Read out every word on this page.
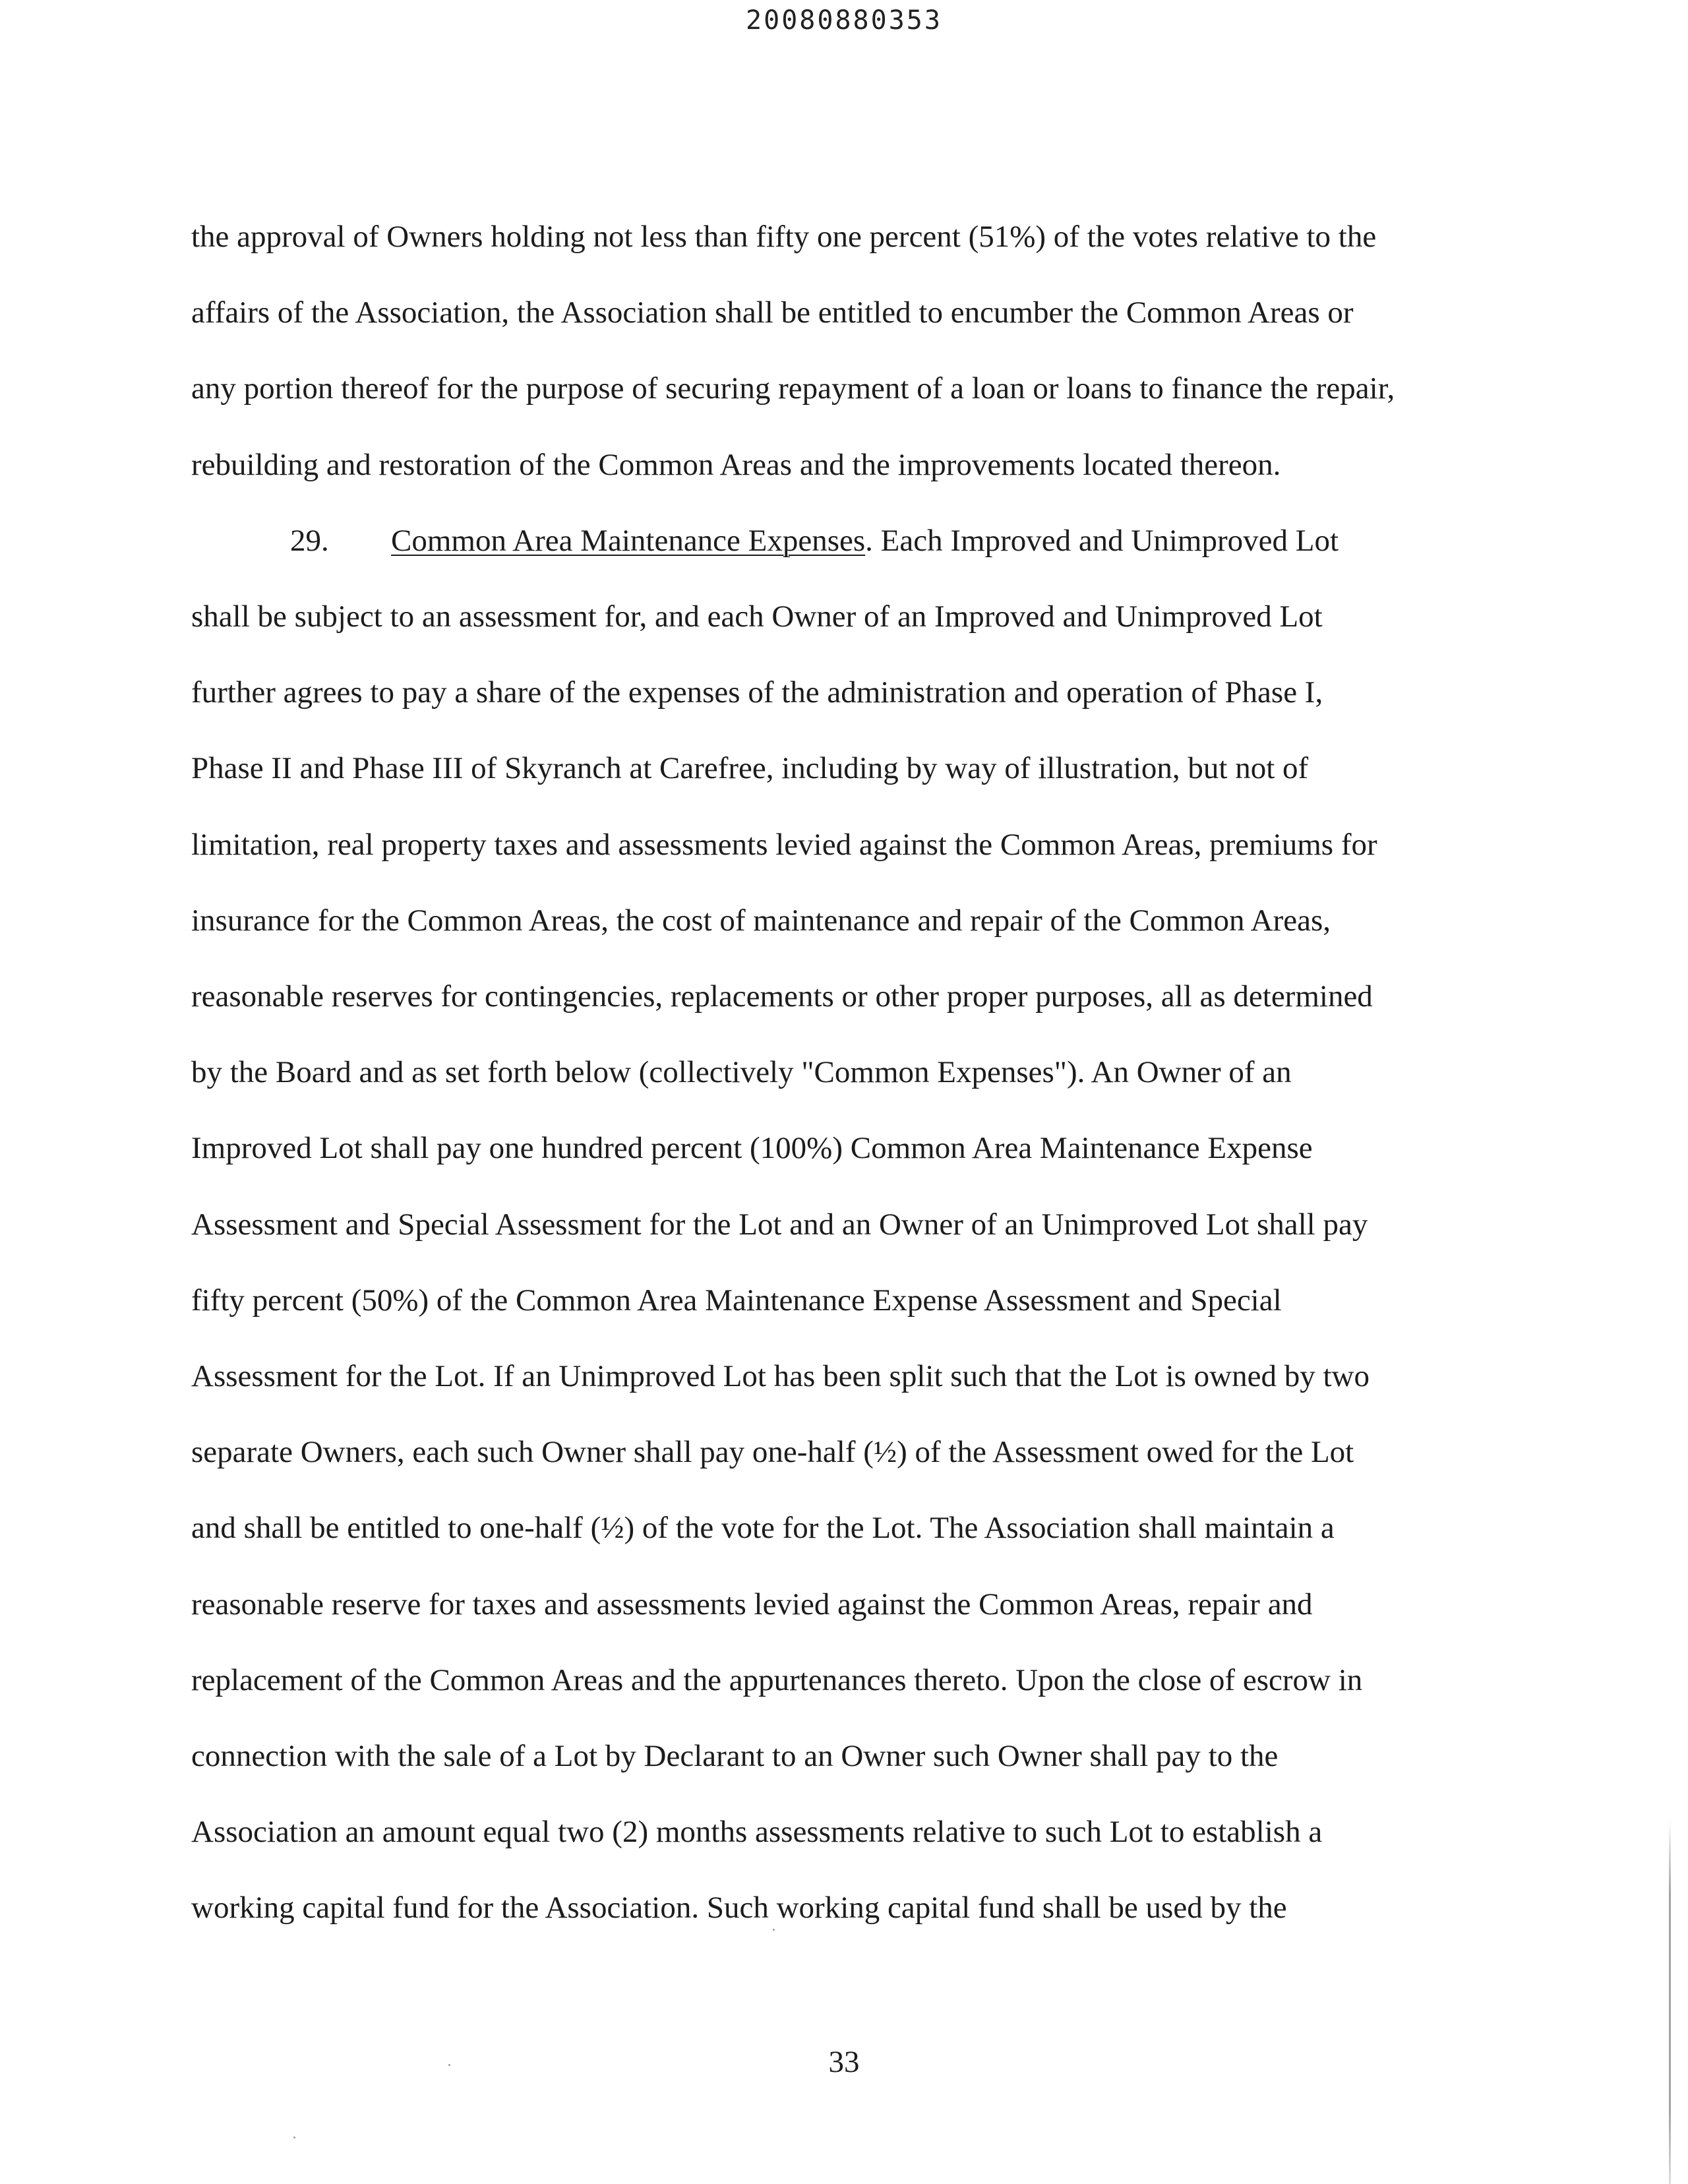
20080880353
the approval of Owners holding not less than fifty one percent (51%) of the votes relative to the
affairs of the Association, the Association shall be entitled to encumber the Common Areas or
any portion thereof for the purpose of securing repayment of a loan or loans to finance the repair,
rebuilding and restoration of the Common Areas and the improvements located thereon.
29. Common Area Maintenance Expenses. Each Improved and Unimproved Lot
shall be subject to an assessment for, and each Owner of an Improved and Unimproved Lot
further agrees to pay a share of the expenses of the administration and operation of Phase I,
Phase II and Phase III of Skyranch at Carefree, including by way of illustration, but not of
limitation, real property taxes and assessments levied against the Common Areas, premiums for
insurance for the Common Areas, the cost of maintenance and repair of the Common Areas,
reasonable reserves for contingencies, replacements or other proper purposes, all as determined
by the Board and as set forth below (collectively "Common Expenses"). An Owner of an
Improved Lot shall pay one hundred percent (100%) Common Area Maintenance Expense
Assessment and Special Assessment for the Lot and an Owner of an Unimproved Lot shall pay
fifty percent (50%) of the Common Area Maintenance Expense Assessment and Special
Assessment for the Lot. If an Unimproved Lot has been split such that the Lot is owned by two
separate Owners, each such Owner shall pay one-half (½) of the Assessment owed for the Lot
and shall be entitled to one-half (½) of the vote for the Lot. The Association shall maintain a
reasonable reserve for taxes and assessments levied against the Common Areas, repair and
replacement of the Common Areas and the appurtenances thereto. Upon the close of escrow in
connection with the sale of a Lot by Declarant to an Owner such Owner shall pay to the
Association an amount equal two (2) months assessments relative to such Lot to establish a
working capital fund for the Association. Such working capital fund shall be used by the
33
